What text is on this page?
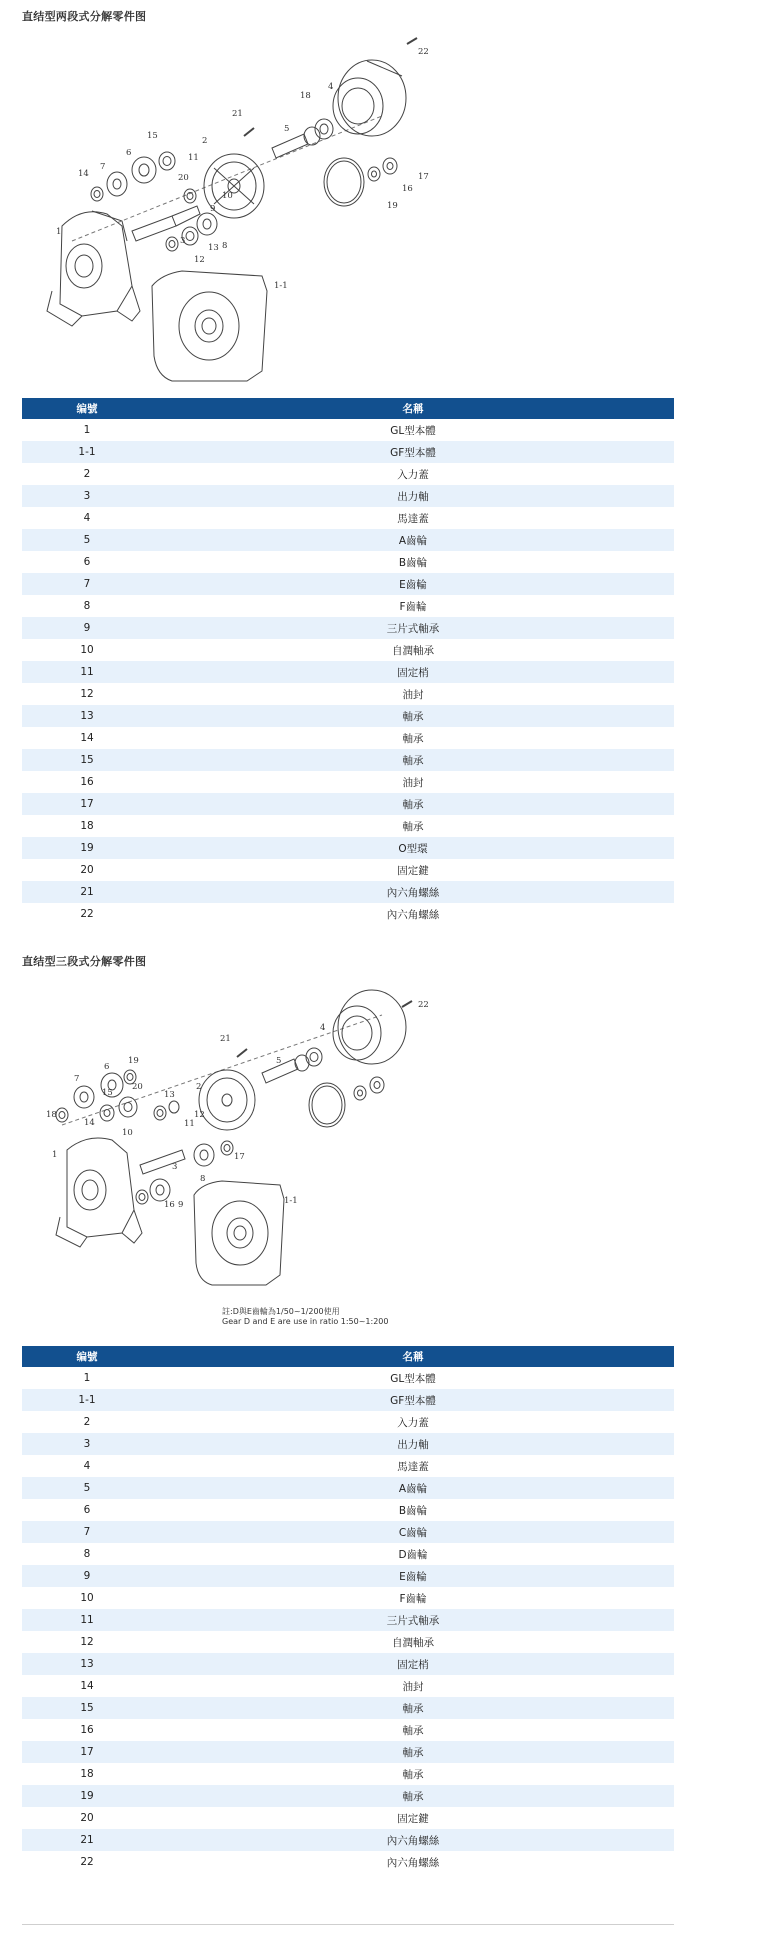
直结型两段式分解零件图
1
1-1
2
3
4
5
6
7
8
9
10
11
12
13
14
15
16
17
18
19
20
21
22
编號	名稱
1	GL型本體
1-1	GF型本體
2	入力蓋
3	出力軸
4	馬達蓋
5	A齒輪
6	B齒輪
7	E齒輪
8	F齒輪
9	三片式軸承
10	自潤軸承
11	固定梢
12	油封
13	軸承
14	軸承
15	軸承
16	油封
17	軸承
18	軸承
19	O型環
20	固定鍵
21	內六角螺絲
22	內六角螺絲
直结型三段式分解零件图
1
1-1
2
3
4
5
6
7
8
9
10
11
12
13
14
15
16
17
18
19
20
21
22
註:D與E齒輪為1/50~1/200使用
Gear D and E are use in ratio 1:50~1:200
编號	名稱
1	GL型本體
1-1	GF型本體
2	入力蓋
3	出力軸
4	馬達蓋
5	A齒輪
6	B齒輪
7	C齒輪
8	D齒輪
9	E齒輪
10	F齒輪
11	三片式軸承
12	自潤軸承
13	固定梢
14	油封
15	軸承
16	軸承
17	軸承
18	軸承
19	軸承
20	固定鍵
21	內六角螺絲
22	內六角螺絲
